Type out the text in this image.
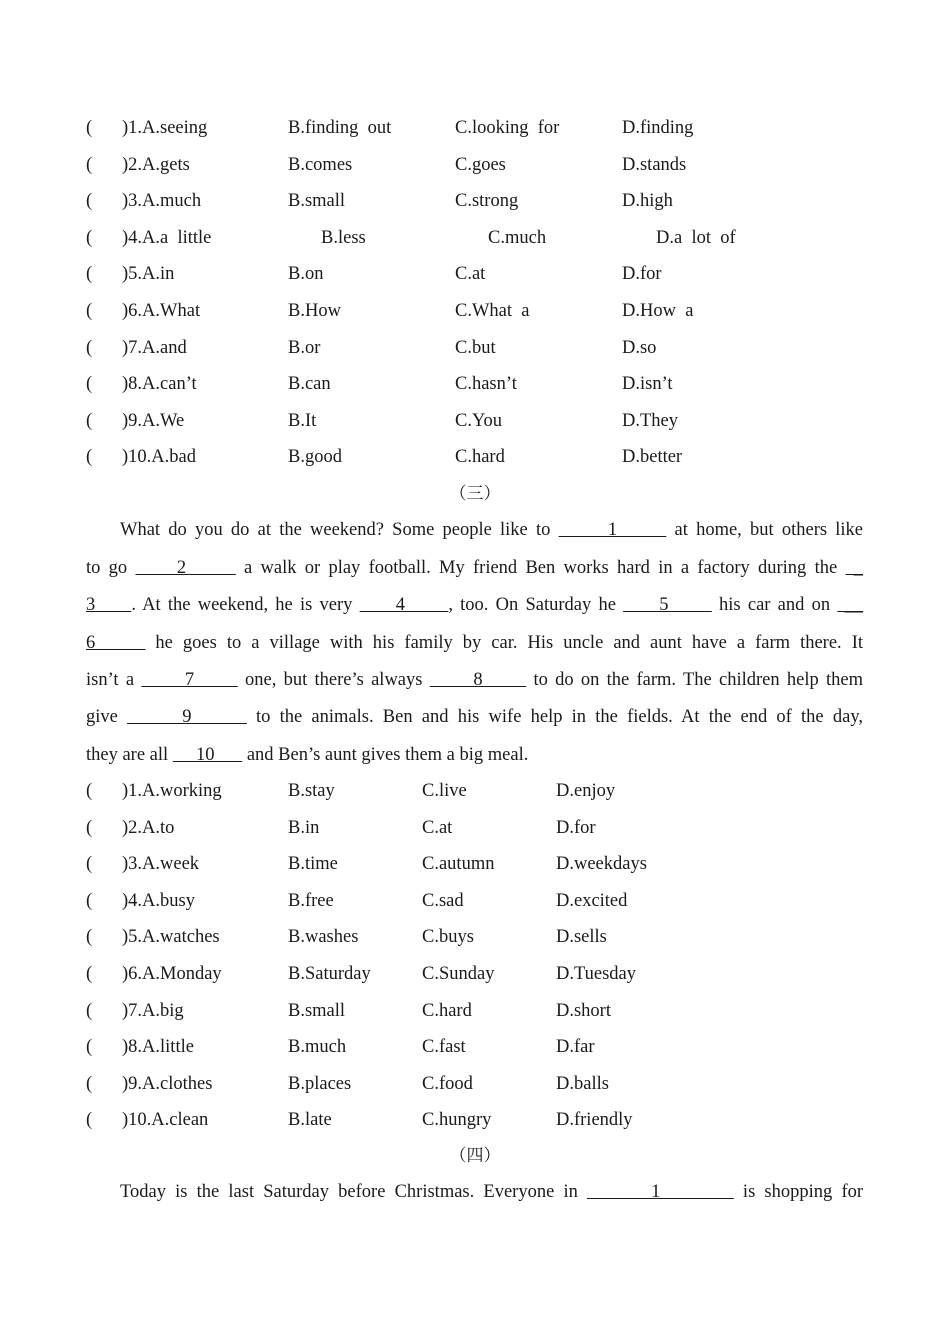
( )1.A.seeing	B.finding  out	C.looking  for	D.finding
( )2.A.gets	B.comes	C.goes	D.stands
( )3.A.much	B.small	C.strong	D.high
( )4.A.a  little	B.less	C.much	D.a  lot  of
( )5.A.in	B.on	C.at	D.for
( )6.A.What	B.How	C.What  a	D.How  a
( )7.A.and	B.or	C.but	D.so
( )8.A.can’t	B.can	C.hasn’t	D.isn’t
( )9.A.We	B.It	C.You	D.They
( )10.A.bad	B.good	C.hard	D.better
（三）
What do you do at the weekend? Some people like to       1       at home, but others like
to go      2       a walk or play football. My friend Ben works hard in a factory during the  _
3     . At the weekend, he is very      4      , too. On Saturday he      5       his car and on  __
6      he goes to a village with his family by car. His uncle and aunt have a farm there. It
isn’t a       7       one, but there’s always       8       to do on the farm. The children help them
give       9       to the animals. Ben and his wife help in the fields. At the end of the day,
they are all      10       and Ben’s aunt gives them a big meal.
( )1.A.working	B.stay	C.live	D.enjoy
( )2.A.to	B.in	C.at	D.for
( )3.A.week	B.time	C.autumn	D.weekdays
( )4.A.busy	B.free	C.sad	D.excited
( )5.A.watches	B.washes	C.buys	D.sells
( )6.A.Monday	B.Saturday	C.Sunday	D.Tuesday
( )7.A.big	B.small	C.hard	D.short
( )8.A.little	B.much	C.fast	D.far
( )9.A.clothes	B.places	C.food	D.balls
( )10.A.clean	B.late	C.hungry	D.friendly
（四）
Today is the last Saturday before Christmas. Everyone in        1         is shopping for
